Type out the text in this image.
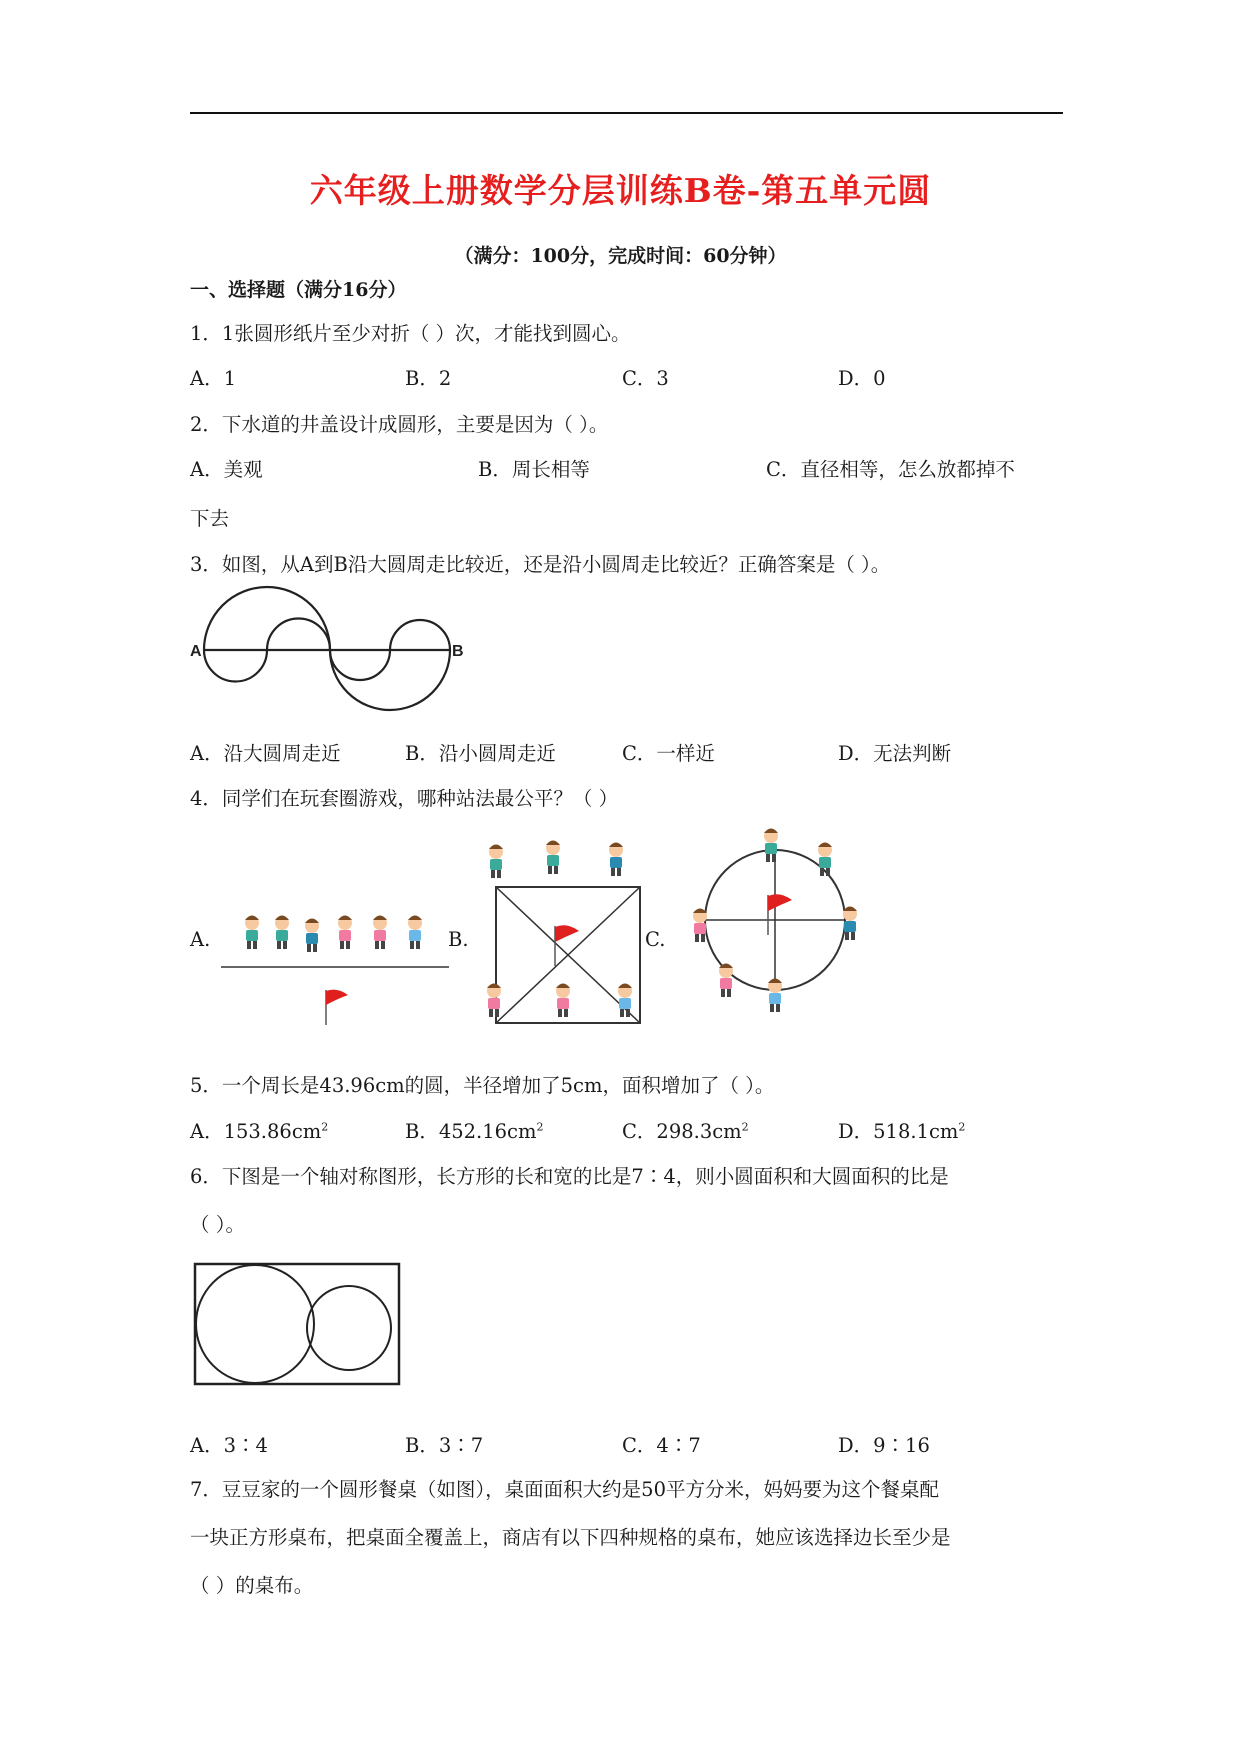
六年级上册数学分层训练B卷-第五单元圆
（满分：100分，完成时间：60分钟）
一、选择题（满分16分）
1．1张圆形纸片至少对折（ ）次，才能找到圆心。
A．1	B．2	C．3	D．0
2．下水道的井盖设计成圆形，主要是因为（ ）。
A．美观	B．周长相等	C．直径相等，怎么放都掉不
下去
3．如图，从A到B沿大圆周走比较近，还是沿小圆周走比较近？正确答案是（ ）。
A	B
A．沿大圆周走近	B．沿小圆周走近	C．一样近	D．无法判断
4．同学们在玩套圈游戏，哪种站法最公平？（ ）
A.	B.	C.
5．一个周长是43.96cm的圆，半径增加了5cm，面积增加了（ ）。
A．$153.86cm^2$	B．$452.16cm^2$	C．$298.3cm^2$	D．$518.1cm^2$
6．下图是一个轴对称图形，长方形的长和宽的比是7∶4，则小圆面积和大圆面积的比是
（ ）。
A．3∶4	B．3∶7	C．4∶7	D．9∶16
7．豆豆家的一个圆形餐桌（如图），桌面面积大约是50平方分米，妈妈要为这个餐桌配
一块正方形桌布，把桌面全覆盖上，商店有以下四种规格的桌布，她应该选择边长至少是
（ ）的桌布。
